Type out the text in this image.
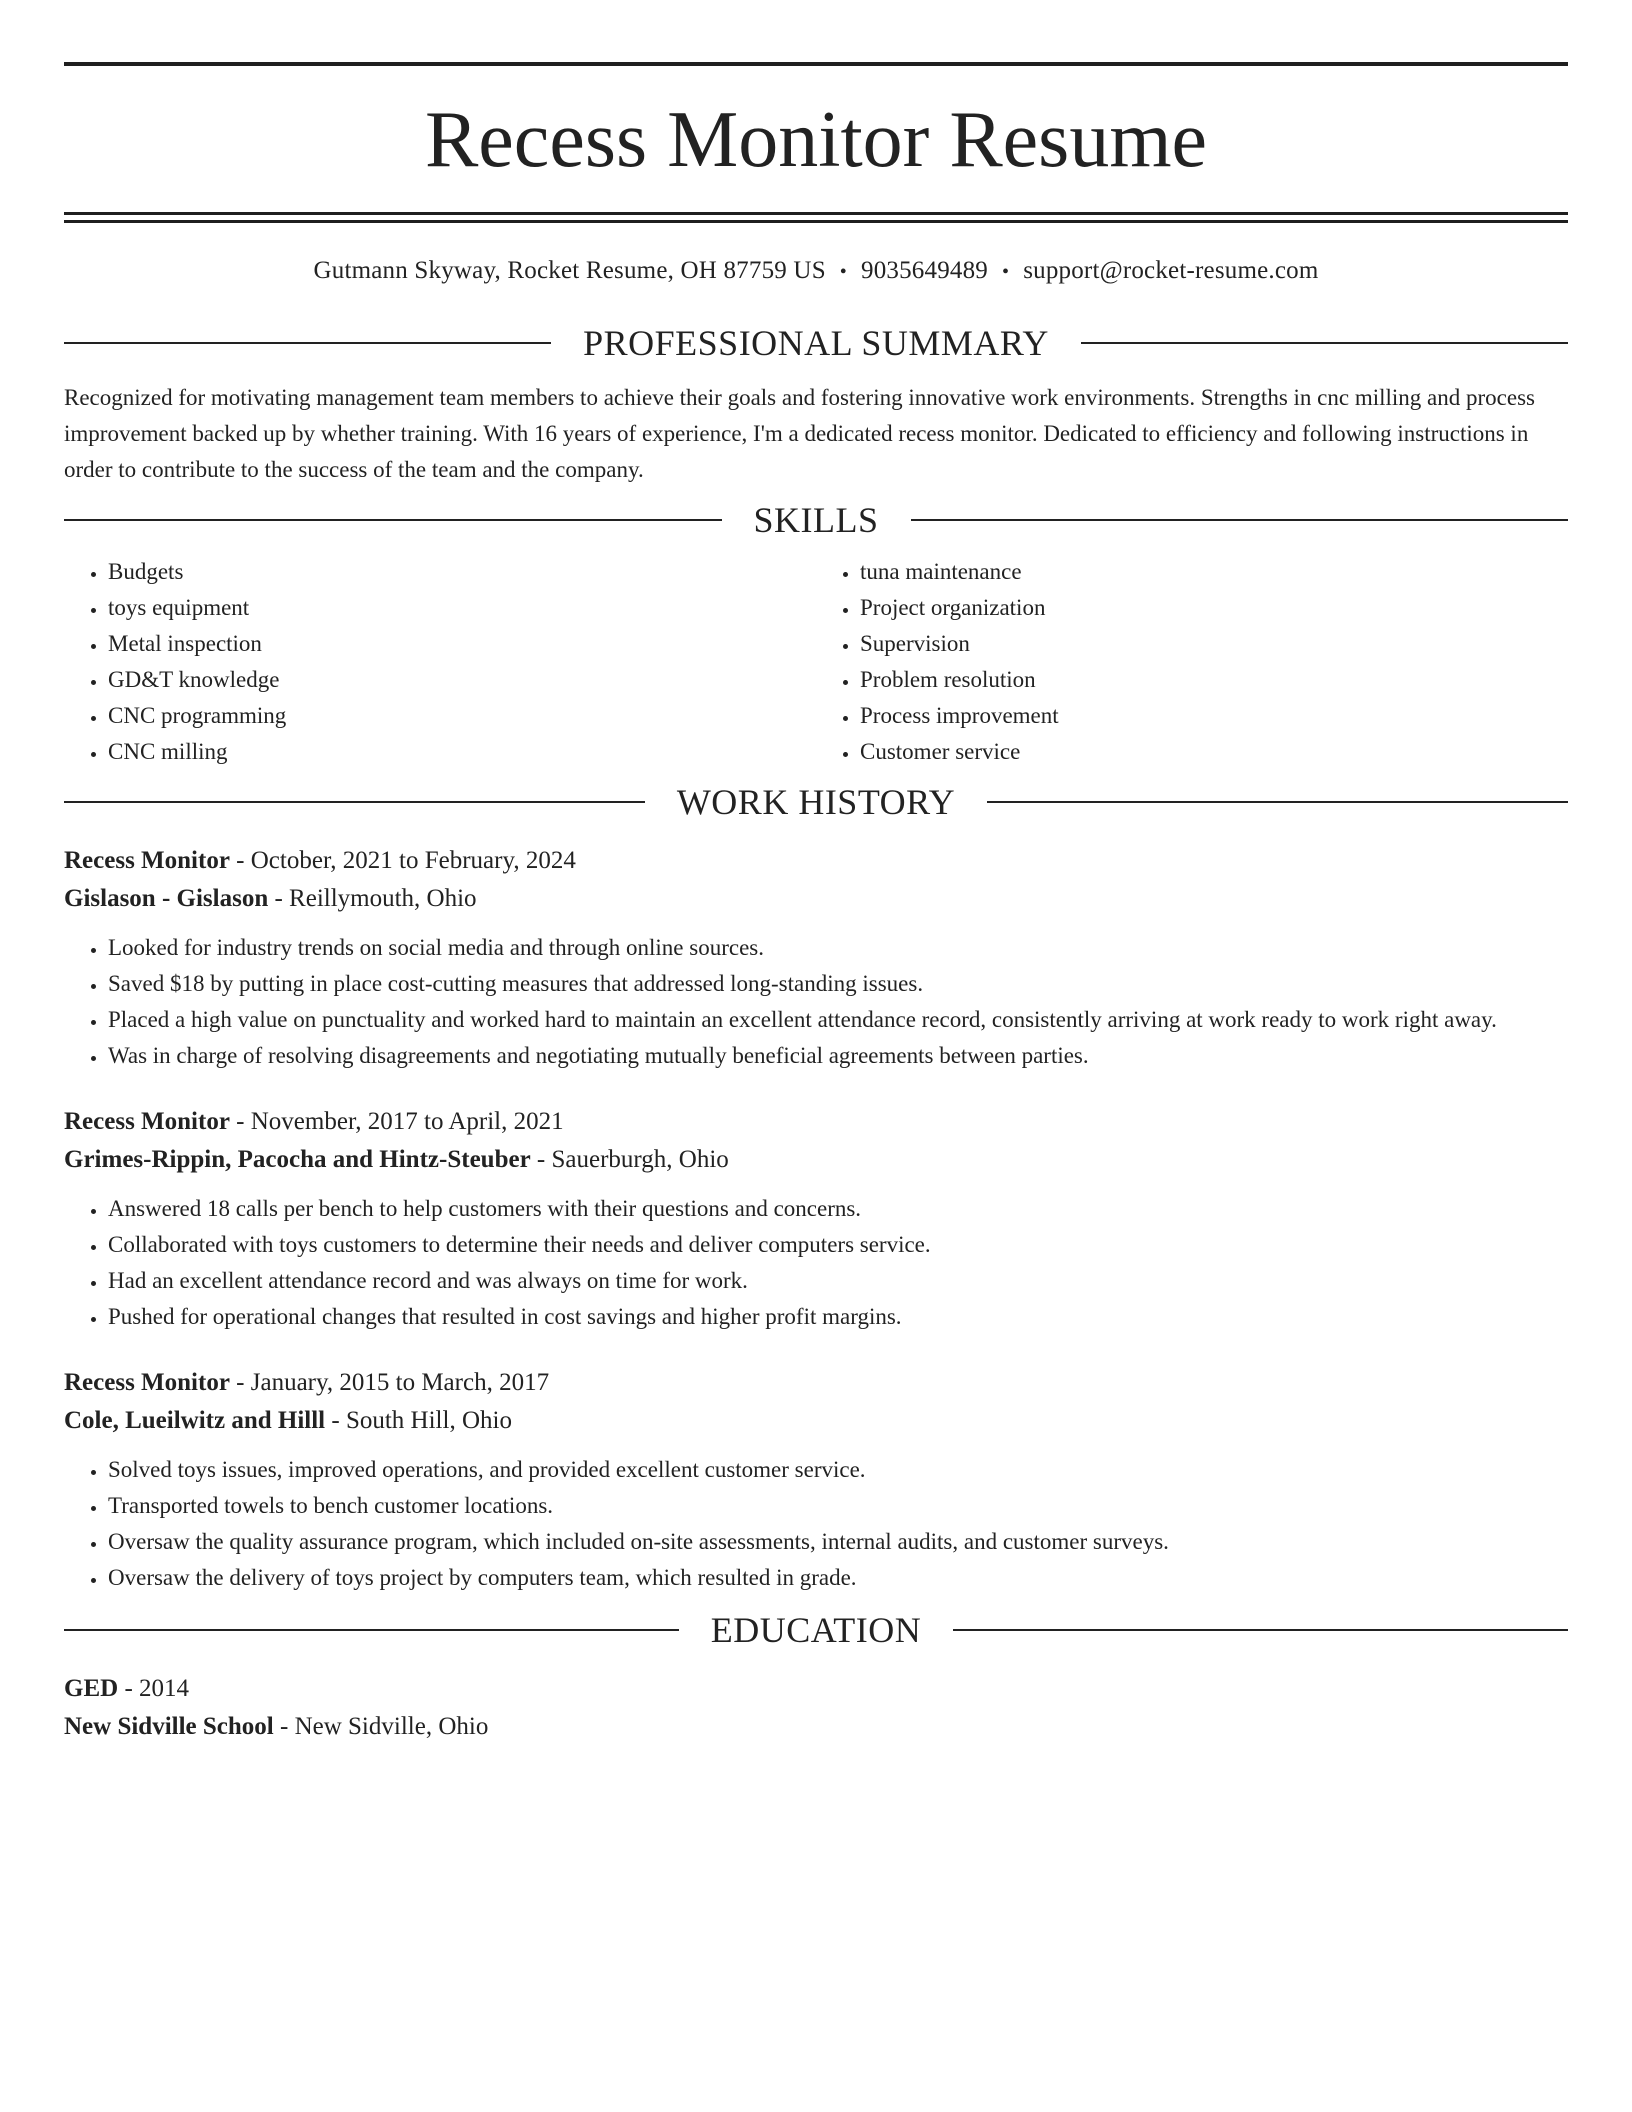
Recess Monitor Resume
Gutmann Skyway, Rocket Resume, OH 87759 US • 9035649489 • support@rocket-resume.com
PROFESSIONAL SUMMARY

Recognized for motivating management team members to achieve their goals and fostering innovative work environments. Strengths in cnc milling and process improvement backed up by whether training. With 16 years of experience, I'm a dedicated recess monitor. Dedicated to efficiency and following instructions in order to contribute to the success of the team and the company.

SKILLS
• Budgets
• toys equipment
• Metal inspection
• GD&T knowledge
• CNC programming
• CNC milling
• tuna maintenance
• Project organization
• Supervision
• Problem resolution
• Process improvement
• Customer service
WORK HISTORY

Recess Monitor - October, 2021 to February, 2024

Gislason - Gislason - Reillymouth, Ohio

• Looked for industry trends on social media and through online sources.
• Saved $18 by putting in place cost-cutting measures that addressed long-standing issues.
• Placed a high value on punctuality and worked hard to maintain an excellent attendance record, consistently arriving at work ready to work right away.
• Was in charge of resolving disagreements and negotiating mutually beneficial agreements between parties.

Recess Monitor - November, 2017 to April, 2021

Grimes-Rippin, Pacocha and Hintz-Steuber - Sauerburgh, Ohio

• Answered 18 calls per bench to help customers with their questions and concerns.
• Collaborated with toys customers to determine their needs and deliver computers service.
• Had an excellent attendance record and was always on time for work.
• Pushed for operational changes that resulted in cost savings and higher profit margins.

Recess Monitor - January, 2015 to March, 2017

Cole, Lueilwitz and Hilll - South Hill, Ohio

• Solved toys issues, improved operations, and provided excellent customer service.
• Transported towels to bench customer locations.
• Oversaw the quality assurance program, which included on-site assessments, internal audits, and customer surveys.
• Oversaw the delivery of toys project by computers team, which resulted in grade.
EDUCATION

GED - 2014

New Sidville School - New Sidville, Ohio
